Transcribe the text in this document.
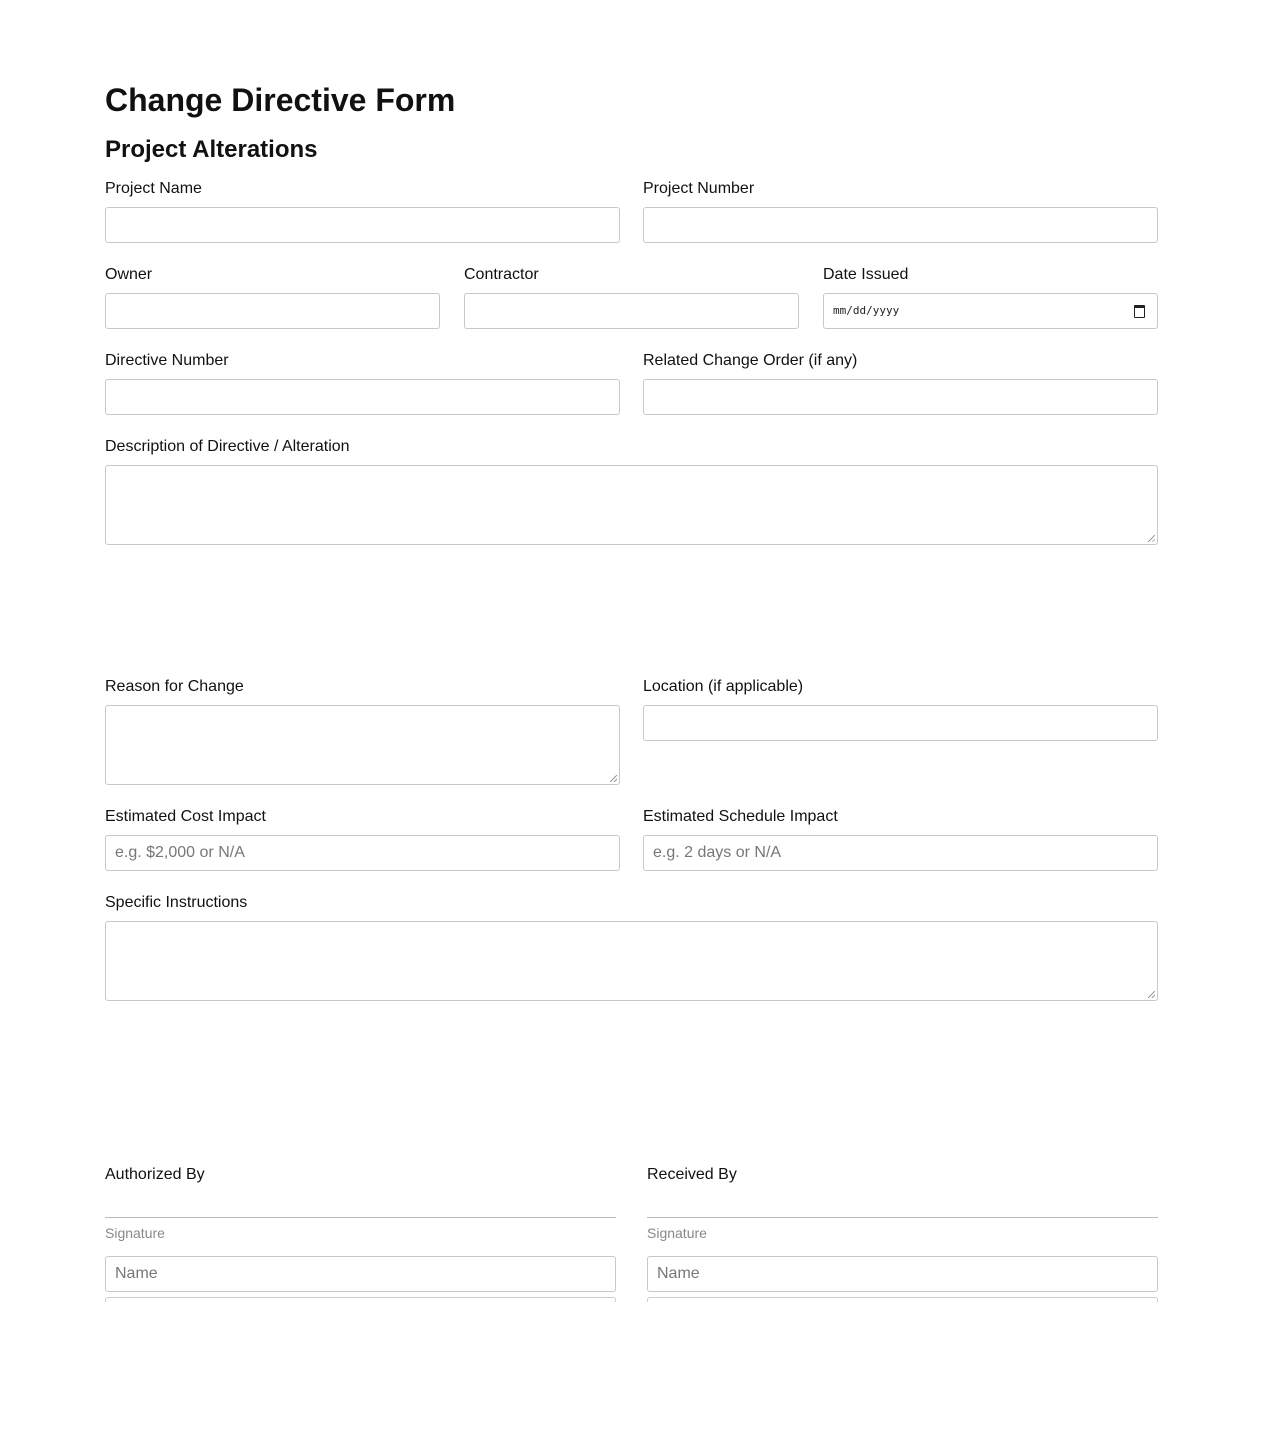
Change Directive Form
Project Alterations
Project Name	Project Number
Owner	Contractor	Date Issued
mm/dd/yyyy
Directive Number	Related Change Order (if any)
Description of Directive / Alteration
Reason for Change	Location (if applicable)
Estimated Cost Impact
e.g. $2,000 or N/A
Estimated Schedule Impact
e.g. 2 days or N/A
Specific Instructions
Authorized By
Signature
Name
Received By
Signature
Name
